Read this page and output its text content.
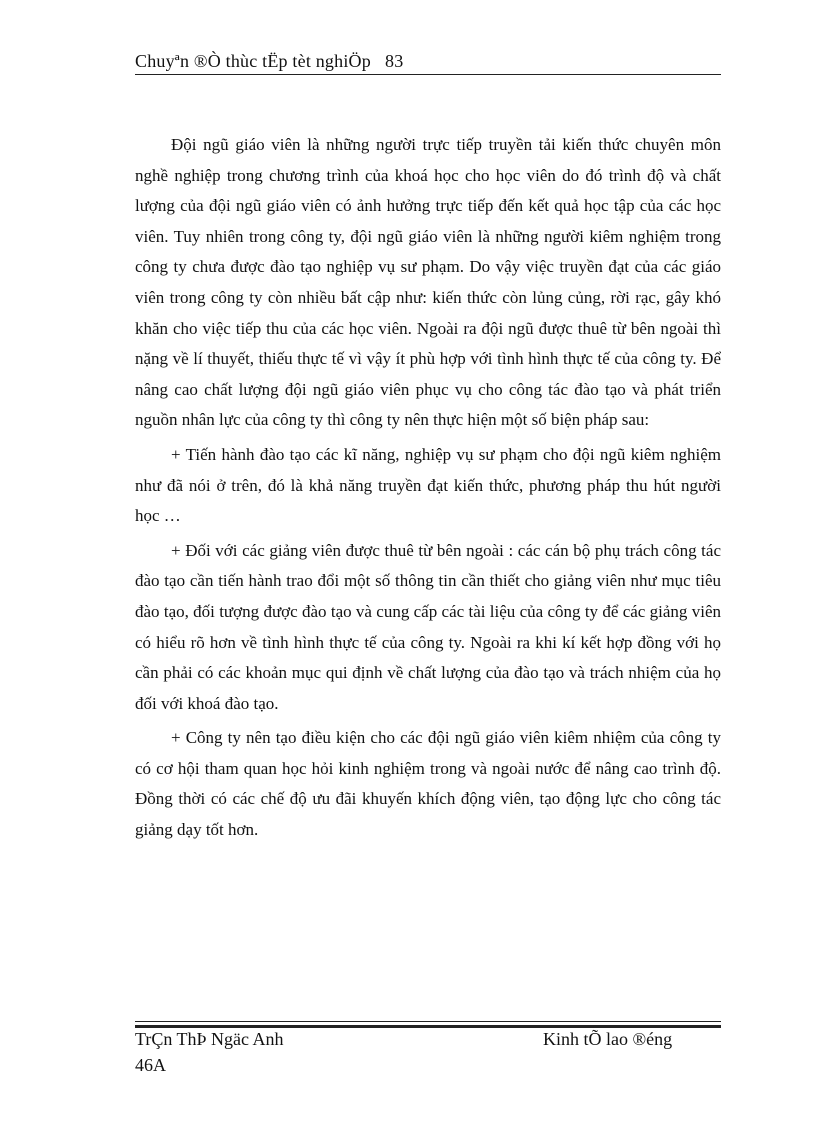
Chuyªn ®Ò thùc tËp tèt nghiÖp 83

Đội ngũ giáo viên là những người trực tiếp truyền tải kiến thức chuyên môn nghề nghiệp trong chương trình của khoá học cho học viên do đó trình độ và chất lượng của đội ngũ giáo viên có ảnh hưởng trực tiếp đến kết quả học tập của các học viên. Tuy nhiên trong công ty, đội ngũ giáo viên là những người kiêm nghiệm trong công ty chưa được đào tạo nghiệp vụ sư phạm. Do vậy việc truyền đạt của các giáo viên trong công ty còn nhiều bất cập như: kiến thức còn lủng củng, rời rạc, gây khó khăn cho việc tiếp thu của các học viên. Ngoài ra đội ngũ được thuê từ bên ngoài thì nặng về lí thuyết, thiếu thực tế vì vậy ít phù hợp với tình hình thực tế của công ty. Để nâng cao chất lượng đội ngũ giáo viên phục vụ cho công tác đào tạo và phát triển nguồn nhân lực của công ty thì công ty nên thực hiện một số biện pháp sau:

+ Tiến hành đào tạo các kĩ năng, nghiệp vụ sư phạm cho đội ngũ kiêm nghiệm như đã nói ở trên, đó là khả năng truyền đạt kiến thức, phương pháp thu hút người học …

+ Đối với các giảng viên được thuê từ bên ngoài : các cán bộ phụ trách công tác đào tạo cần tiến hành trao đổi một số thông tin cần thiết cho giảng viên như mục tiêu đào tạo, đối tượng được đào tạo và cung cấp các tài liệu của công ty để các giảng viên có hiểu rõ hơn về tình hình thực tế của công ty. Ngoài ra khi kí kết hợp đồng với họ cần phải có các khoản mục qui định về chất lượng của đào tạo và trách nhiệm của họ đối với khoá đào tạo.

+ Công ty nên tạo điều kiện cho các đội ngũ giáo viên kiêm nhiệm của công ty có cơ hội tham quan học hỏi kinh nghiệm trong và ngoài nước để nâng cao trình độ. Đồng thời có các chế độ ưu đãi khuyến khích động viên, tạo động lực cho công tác giảng dạy tốt hơn.

TrÇn ThÞ Ngäc Anh	Kinh tÕ lao ®éng
46A
